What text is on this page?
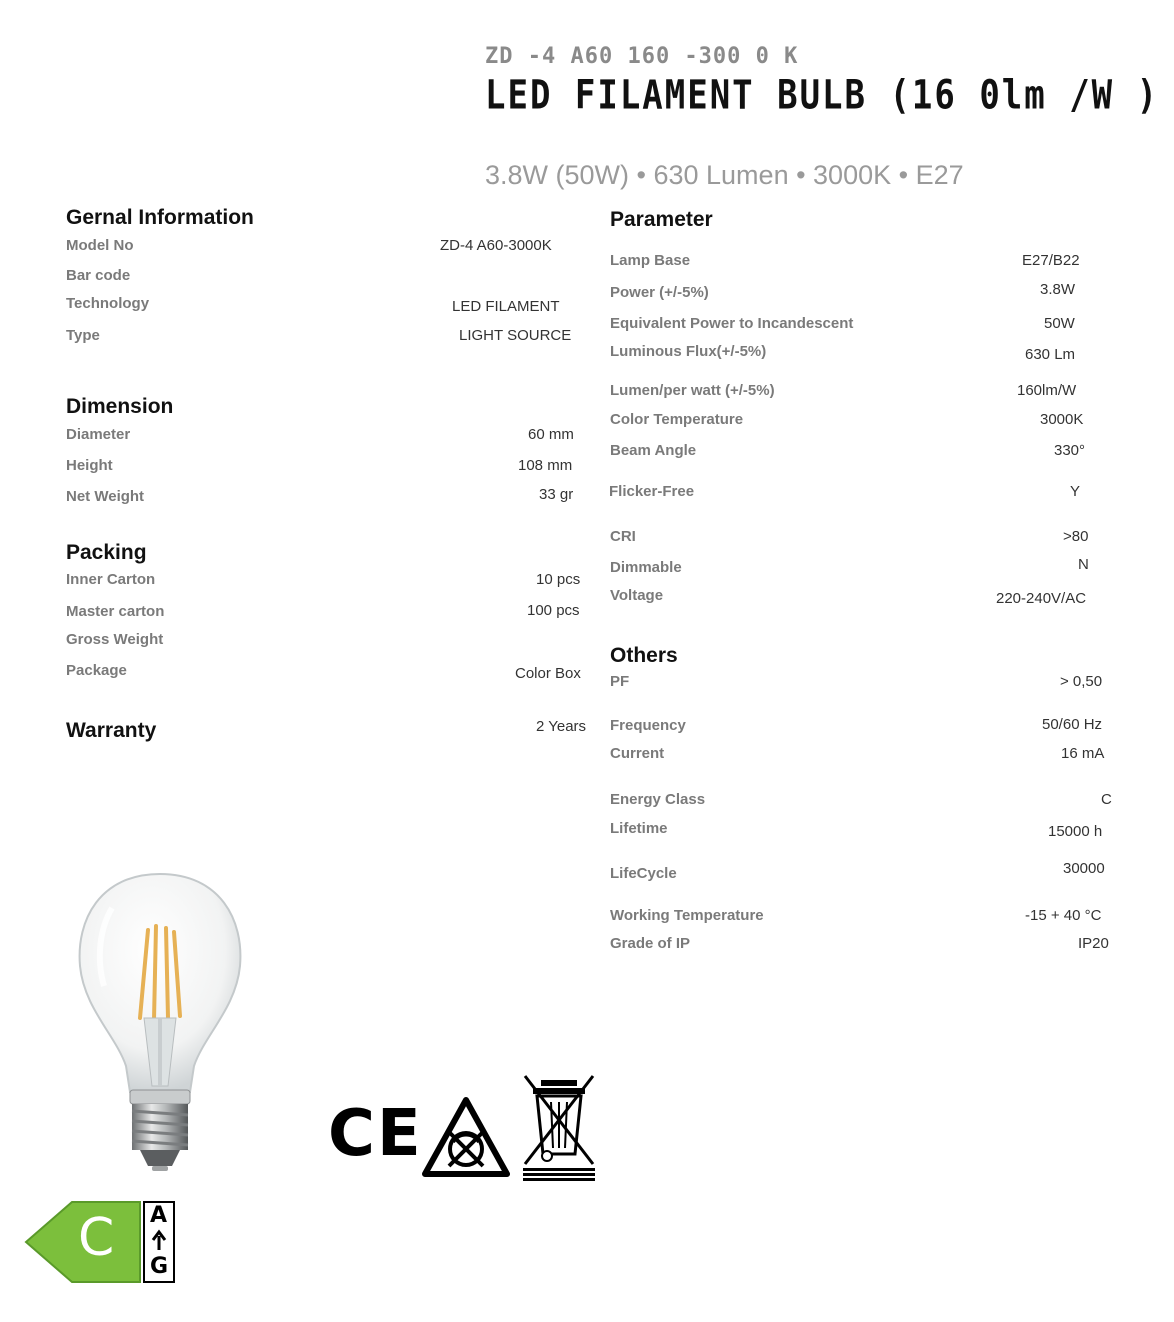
ZD -4 A60 160 -300 0 K
LED FILAMENT BULB (16 0lm /W )
3.8W (50W) • 630 Lumen • 3000K • E27
Gernal Information
Model No	ZD-4 A60-3000K
Bar code
Technology	LED FILAMENT
Type	LIGHT SOURCE
Dimension
Diameter	60 mm
Height	108 mm
Net Weight	33 gr
Packing
Inner Carton	10 pcs
Master carton	100 pcs
Gross Weight
Package	Color Box
Warranty	2 Years
Parameter
Lamp Base	E27/B22
Power (+/-5%)	3.8W
Equivalent Power to Incandescent	50W
Luminous Flux(+/-5%)	630 Lm
Lumen/per watt (+/-5%)	160lm/W
Color Temperature	3000K
Beam Angle	330°
Flicker-Free	Y
CRI	>80
Dimmable	N
Voltage	220-240V/AC
Others
PF	> 0,50
Frequency	50/60 Hz
Current	16 mA
Energy Class	C
Lifetime	15000 h
LifeCycle	30000
Working Temperature	-15 + 40 °C
Grade of IP	IP20
CE
C A
G
